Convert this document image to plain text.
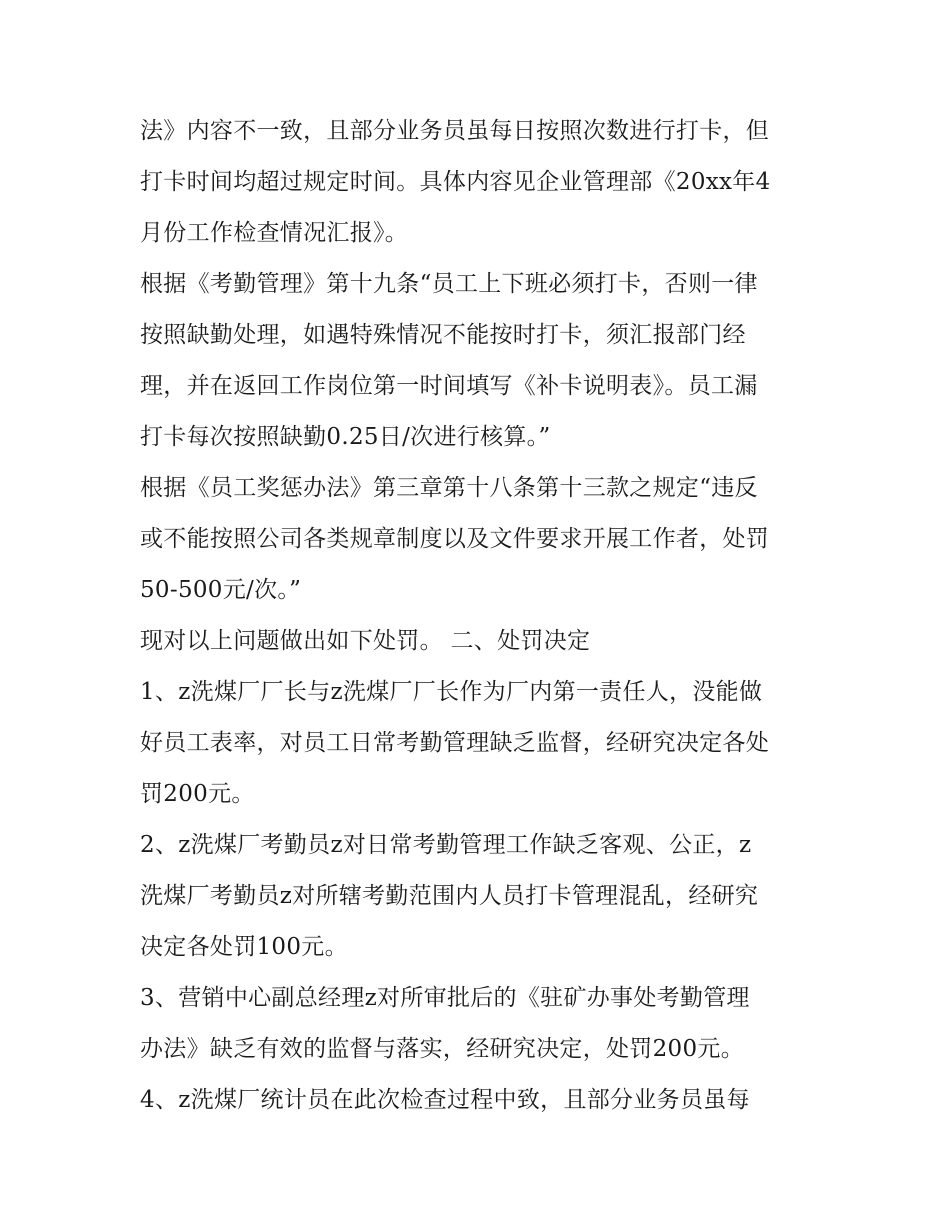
法》内容不一致，且部分业务员虽每日按照次数进行打卡，但
打卡时间均超过规定时间。具体内容见企业管理部《20xx年4
月份工作检查情况汇报》。
根据《考勤管理》第十九条“员工上下班必须打卡，否则一律
按照缺勤处理，如遇特殊情况不能按时打卡，须汇报部门经
理，并在返回工作岗位第一时间填写《补卡说明表》。员工漏
打卡每次按照缺勤0.25日/次进行核算。”
根据《员工奖惩办法》第三章第十八条第十三款之规定“违反
或不能按照公司各类规章制度以及文件要求开展工作者，处罚
50-500元/次。”
现对以上问题做出如下处罚。 二、处罚决定
1、z洗煤厂厂长与z洗煤厂厂长作为厂内第一责任人，没能做
好员工表率，对员工日常考勤管理缺乏监督，经研究决定各处
罚200元。
2、z洗煤厂考勤员z对日常考勤管理工作缺乏客观、公正，z
洗煤厂考勤员z对所辖考勤范围内人员打卡管理混乱，经研究
决定各处罚100元。
3、营销中心副总经理z对所审批后的《驻矿办事处考勤管理
办法》缺乏有效的监督与落实，经研究决定，处罚200元。
4、z洗煤厂统计员在此次检查过程中致，且部分业务员虽每
